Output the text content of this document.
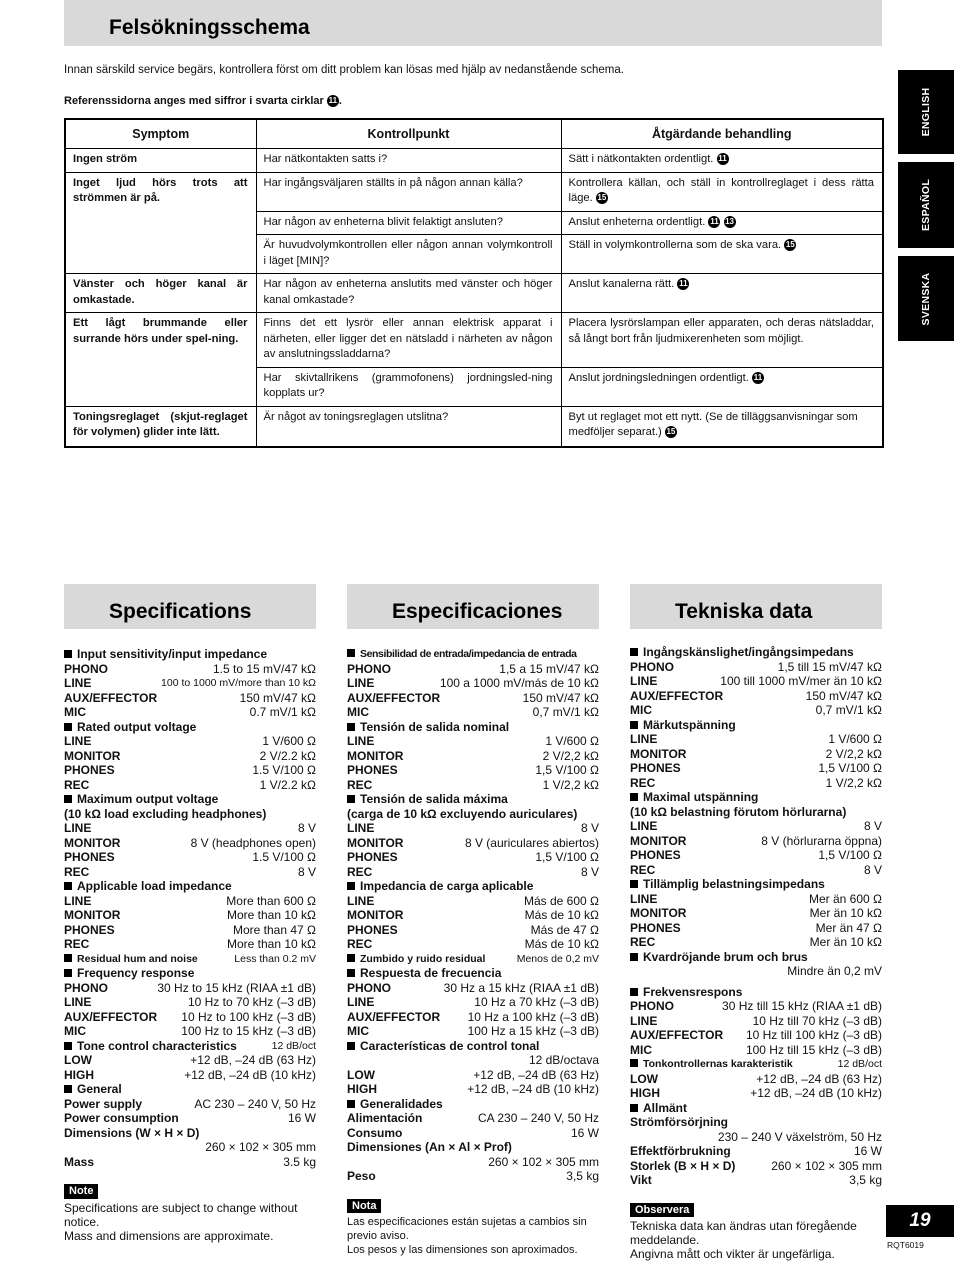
Felsökningsschema
Innan särskild service begärs, kontrollera först om ditt problem kan lösas med hjälp av nedanstående schema.
Referenssidorna anges med siffror i svarta cirklar 11 .
Symptom	Kontrollpunkt	Åtgärdande behandling
Ingen ström	Har nätkontakten satts i?	Sätt i nätkontakten ordentligt. 11
Inget ljud hörs trots att strömmen är på.	Har ingångsväljaren ställts in på någon annan källa?	Kontrollera källan, och ställ in kontrollreglaget i dess rätta läge. 15
	Har någon av enheterna blivit felaktigt ansluten?	Anslut enheterna ordentligt. 11 13
	Är huvudvolymkontrollen eller någon annan volymkontroll i läget [MIN]?	Ställ in volymkontrollerna som de ska vara. 15
Vänster och höger kanal är omkastade.	Har någon av enheterna anslutits med vänster och höger kanal omkastade?	Anslut kanalerna rätt. 11
Ett lågt brummande eller surrande hörs under spel-ning.	Finns det ett lysrör eller annan elektrisk apparat i närheten, eller ligger det en nätsladd i närheten av någon av anslutningssladdarna?	Placera lysrörslampan eller apparaten, och deras nätsladdar, så långt bort från ljudmixerenheten som möjligt.
	Har skivtallrikens (grammofonens) jordningsled-ning kopplats ur?	Anslut jordningsledningen ordentligt. 11
Toningsreglaget (skjut-reglaget för volymen) glider inte lätt.	Är något av toningsreglagen utslitna?	Byt ut reglaget mot ett nytt. (Se de tilläggsanvisningar som medföljer separat.) 15
ENGLISH
ESPAÑOL
SVENSKA
Specifications
Input sensitivity/input impedance
PHONO	1.5 to 15 mV/47 kΩ
LINE	100 to 1000 mV/more than 10 kΩ
AUX/EFFECTOR	150 mV/47 kΩ
MIC	0.7 mV/1 kΩ
Rated output voltage
LINE	1 V/600 Ω
MONITOR	2 V/2.2 kΩ
PHONES	1.5 V/100 Ω
REC	1 V/2.2 kΩ
Maximum output voltage
(10 kΩ load excluding headphones)
LINE	8 V
MONITOR	8 V (headphones open)
PHONES	1.5 V/100 Ω
REC	8 V
Applicable load impedance
LINE	More than 600 Ω
MONITOR	More than 10 kΩ
PHONES	More than 47 Ω
REC	More than 10 kΩ
Residual hum and noise	Less than 0.2 mV
Frequency response
PHONO	30 Hz to 15 kHz (RIAA ±1 dB)
LINE	10 Hz to 70 kHz (–3 dB)
AUX/EFFECTOR 10 Hz to 100 kHz (–3 dB)
MIC	100 Hz to 15 kHz (–3 dB)
Tone control characteristics	12 dB/oct
LOW	+12 dB, –24 dB (63 Hz)
HIGH	+12 dB, –24 dB (10 kHz)
General
Power supply	AC 230 – 240 V, 50 Hz
Power consumption	16 W
Dimensions (W × H × D)
260 × 102 × 305 mm
Mass	3.5 kg
Note
Specifications are subject to change without notice.
Mass and dimensions are approximate.
Especificaciones
Sensibilidad de entrada/impedancia de entrada
PHONO	1,5 a 15 mV/47 kΩ
LINE	100 a 1000 mV/más de 10 kΩ
AUX/EFFECTOR	150 mV/47 kΩ
MIC	0,7 mV/1 kΩ
Tensión de salida nominal
LINE	1 V/600 Ω
MONITOR	2 V/2,2 kΩ
PHONES	1,5 V/100 Ω
REC	1 V/2,2 kΩ
Tensión de salida máxima
(carga de 10 kΩ excluyendo auriculares)
LINE	8 V
MONITOR	8 V (auriculares abiertos)
PHONES	1,5 V/100 Ω
REC	8 V
Impedancia de carga aplicable
LINE	Más de 600 Ω
MONITOR	Más de 10 kΩ
PHONES	Más de 47 Ω
REC	Más de 10 kΩ
Zumbido y ruido residual	Menos de 0,2 mV
Respuesta de frecuencia
PHONO	30 Hz a 15 kHz (RIAA ±1 dB)
LINE	10 Hz a 70 kHz (–3 dB)
AUX/EFFECTOR 10 Hz a 100 kHz (–3 dB)
MIC	100 Hz a 15 kHz (–3 dB)
Características de control tonal
12 dB/octava
LOW	+12 dB, –24 dB (63 Hz)
HIGH	+12 dB, –24 dB (10 kHz)
Generalidades
Alimentación	CA 230 – 240 V, 50 Hz
Consumo	16 W
Dimensiones (An × Al × Prof)
260 × 102 × 305 mm
Peso	3,5 kg
Nota
Las especificaciones están sujetas a cambios sin previo aviso.
Los pesos y las dimensiones son aproximados.
Tekniska data
Ingångskänslighet/ingångsimpedans
PHONO	1,5 till 15 mV/47 kΩ
LINE	100 till 1000 mV/mer än 10 kΩ
AUX/EFFECTOR	150 mV/47 kΩ
MIC	0,7 mV/1 kΩ
Märkutspänning
LINE	1 V/600 Ω
MONITOR	2 V/2,2 kΩ
PHONES	1,5 V/100 Ω
REC	1 V/2,2 kΩ
Maximal utspänning
(10 kΩ belastning förutom hörlurarna)
LINE	8 V
MONITOR	8 V (hörlurarna öppna)
PHONES	1,5 V/100 Ω
REC	8 V
Tillämplig belastningsimpedans
LINE	Mer än 600 Ω
MONITOR	Mer än 10 kΩ
PHONES	Mer än 47 Ω
REC	Mer än 10 kΩ
Kvardröjande brum och brus
Mindre än 0,2 mV
Frekvensrespons
PHONO	30 Hz till 15 kHz (RIAA ±1 dB)
LINE	10 Hz till 70 kHz (–3 dB)
AUX/EFFECTOR 10 Hz till 100 kHz (–3 dB)
MIC	100 Hz till 15 kHz (–3 dB)
Tonkontrollernas karakteristik	12 dB/oct
LOW	+12 dB, –24 dB (63 Hz)
HIGH	+12 dB, –24 dB (10 kHz)
Allmänt
Strömförsörjning
230 – 240 V växelström, 50 Hz
Effektförbrukning	16 W
Storlek (B × H × D)	260 × 102 × 305 mm
Vikt	3,5 kg
Observera
Tekniska data kan ändras utan föregående meddelande.
Angivna mått och vikter är ungefärliga.
19
RQT6019
